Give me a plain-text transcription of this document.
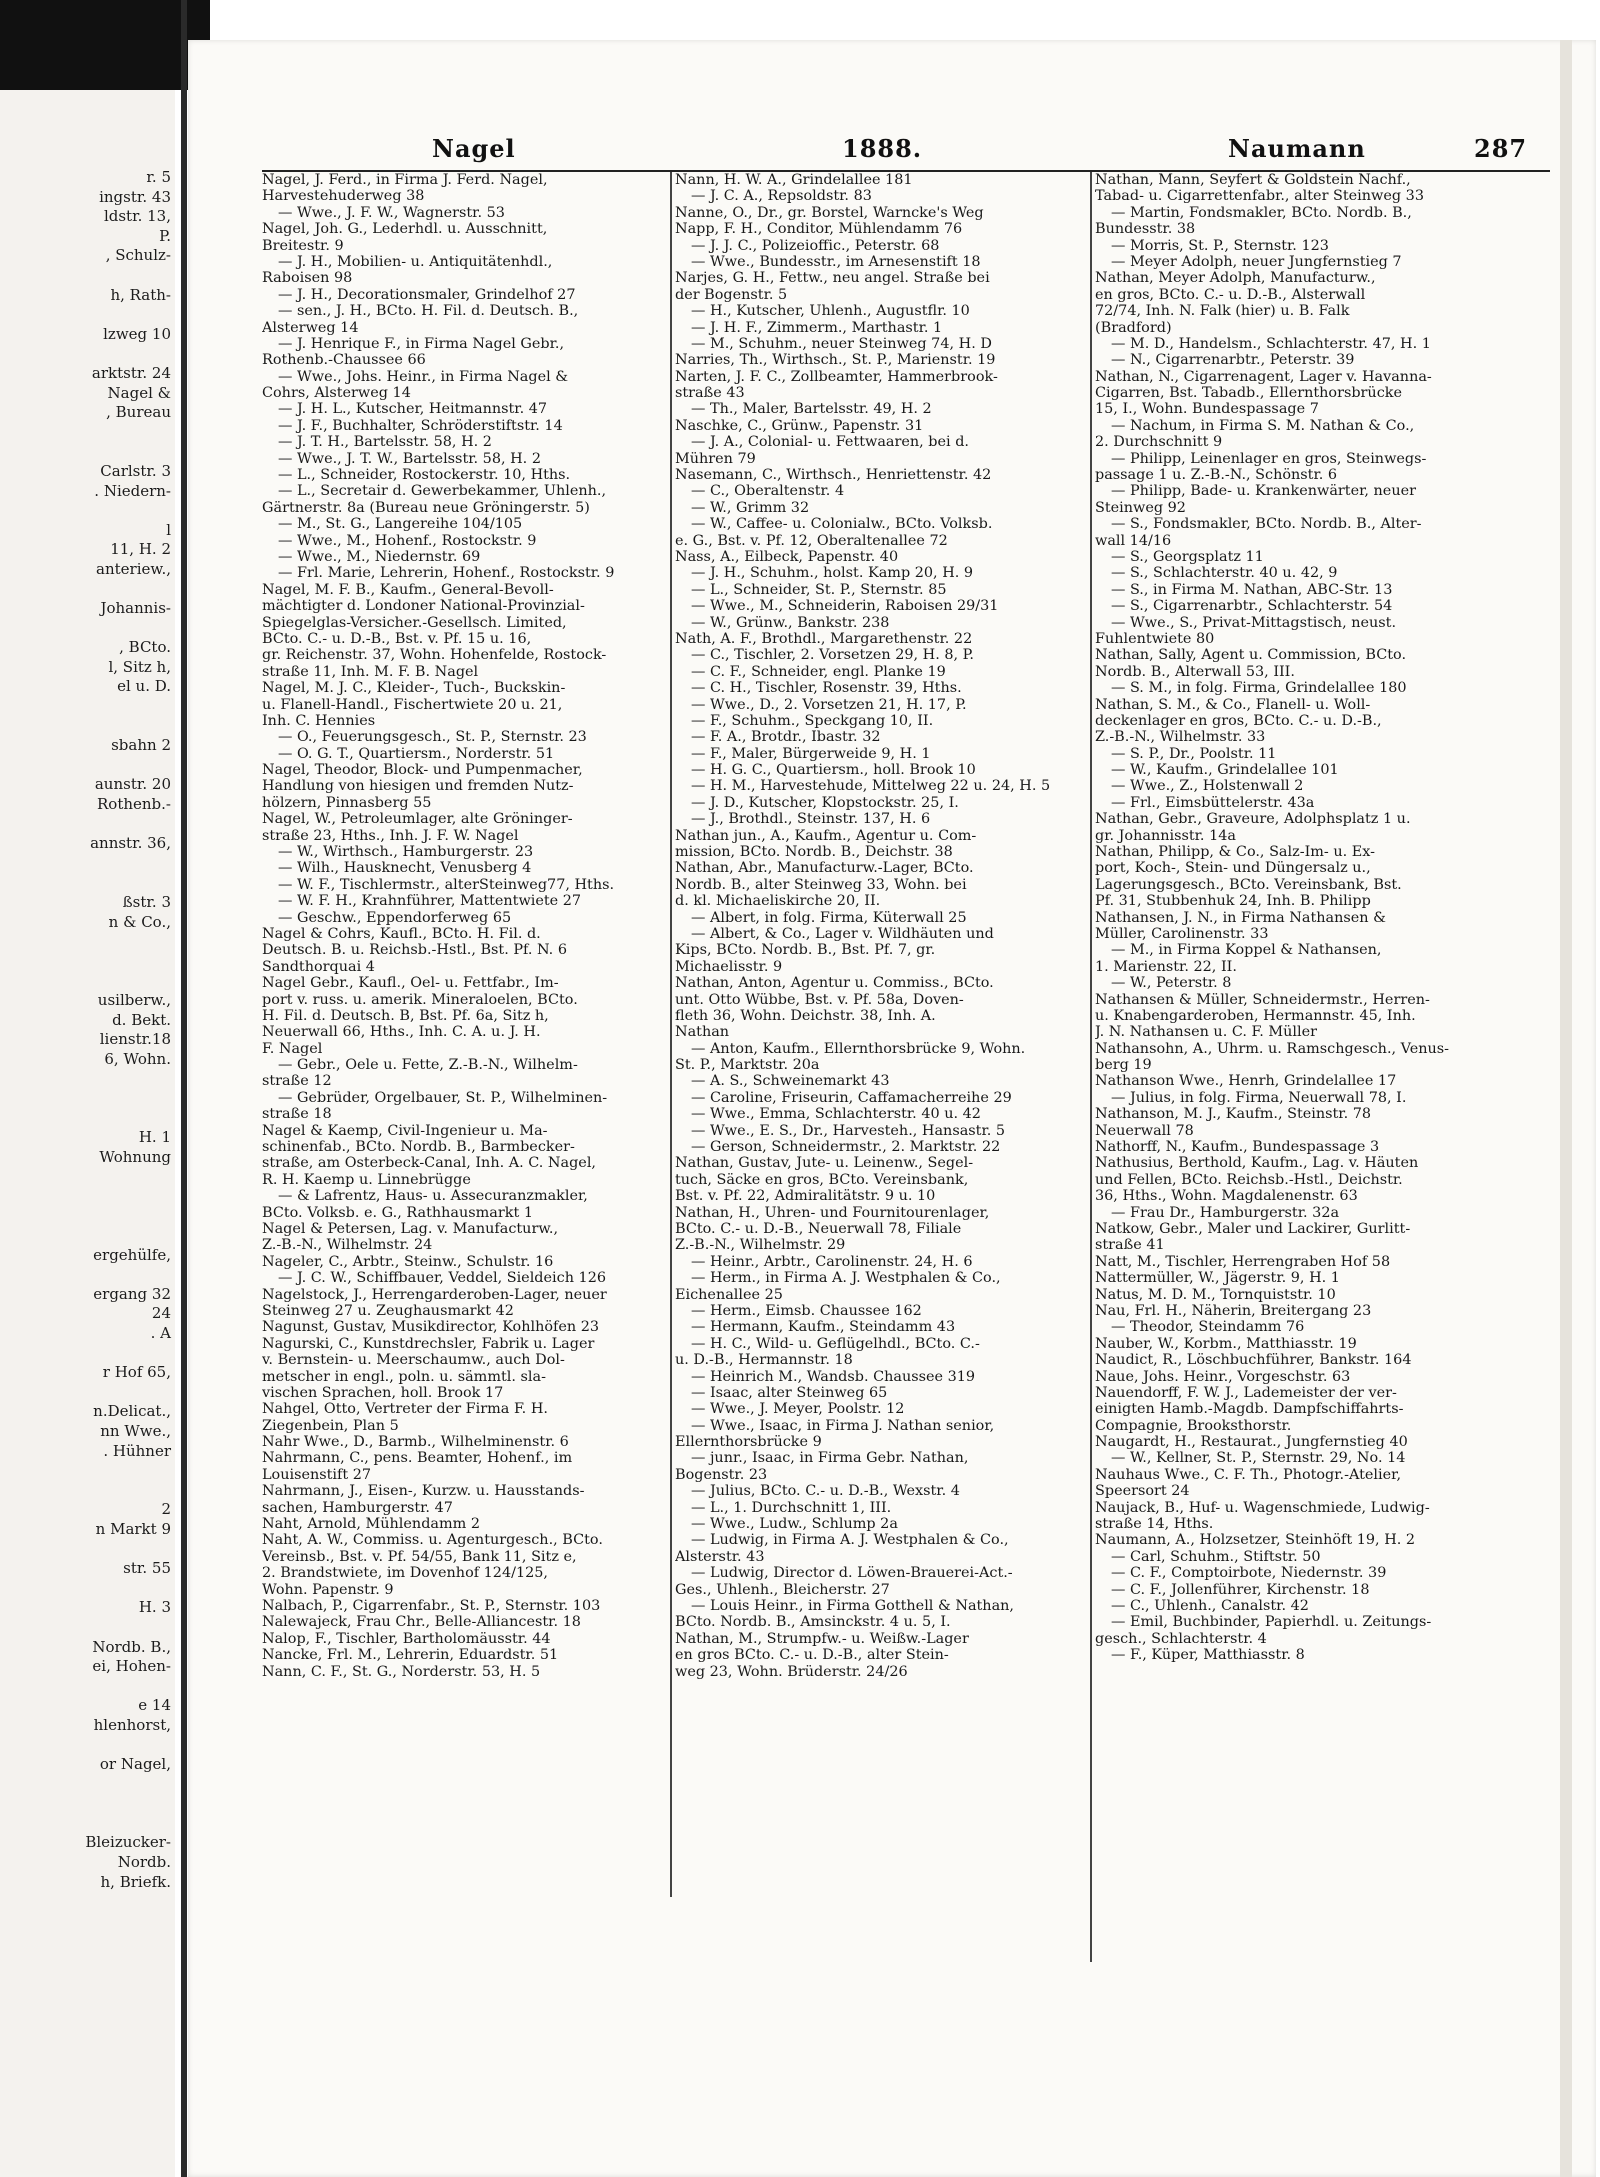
r. 5
ingstr. 43
ldstr. 13,
P.
, Schulz-
h, Rath-
lzweg 10
arktstr. 24
Nagel &
, Bureau
Carlstr. 3
. Niedern-
l
11, H. 2
anteriew.,
Johannis-
, BCto.
l, Sitz h,
el u. D.
sbahn 2
aunstr. 20
Rothenb.-
annstr. 36,
ßstr. 3
n & Co.,
usilberw.,
d. Bekt.
lienstr.18
6, Wohn.
H. 1
Wohnung
ergehülfe,
ergang 32
24
. A
r Hof 65,
n.Delicat.,
nn Wwe.,
. Hühner
2
n Markt 9
str. 55
H. 3
Nordb. B.,
ei, Hohen-
e 14
hlenhorst,
or Nagel,
Bleizucker-
Nordb.
h, Briefk.
Nagel	1888.	Naumann	287
Nagel, J. Ferd., in Firma J. Ferd. Nagel,
Harvestehuderweg 38
— Wwe., J. F. W., Wagnerstr. 53
Nagel, Joh. G., Lederhdl. u. Ausschnitt,
Breitestr. 9
— J. H., Mobilien- u. Antiquitätenhdl.,
Raboisen 98
— J. H., Decorationsmaler, Grindelhof 27
— sen., J. H., BCto. H. Fil. d. Deutsch. B.,
Alsterweg 14
— J. Henrique F., in Firma Nagel Gebr.,
Rothenb.-Chaussee 66
— Wwe., Johs. Heinr., in Firma Nagel &
Cohrs, Alsterweg 14
— J. H. L., Kutscher, Heitmannstr. 47
— J. F., Buchhalter, Schröderstiftstr. 14
— J. T. H., Bartelsstr. 58, H. 2
— Wwe., J. T. W., Bartelsstr. 58, H. 2
— L., Schneider, Rostockerstr. 10, Hths.
— L., Secretair d. Gewerbekammer, Uhlenh.,
Gärtnerstr. 8a (Bureau neue Gröningerstr. 5)
— M., St. G., Langereihe 104/105
— Wwe., M., Hohenf., Rostockstr. 9
— Wwe., M., Niedernstr. 69
— Frl. Marie, Lehrerin, Hohenf., Rostockstr. 9
Nagel, M. F. B., Kaufm., General-Bevoll-
mächtigter d. Londoner National-Provinzial-
Spiegelglas-Versicher.-Gesellsch. Limited,
BCto. C.- u. D.-B., Bst. v. Pf. 15 u. 16,
gr. Reichenstr. 37, Wohn. Hohenfelde, Rostock-
straße 11, Inh. M. F. B. Nagel
Nagel, M. J. C., Kleider-, Tuch-, Buckskin-
u. Flanell-Handl., Fischertwiete 20 u. 21,
Inh. C. Hennies
— O., Feuerungsgesch., St. P., Sternstr. 23
— O. G. T., Quartiersm., Norderstr. 51
Nagel, Theodor, Block- und Pumpenmacher,
Handlung von hiesigen und fremden Nutz-
hölzern, Pinnasberg 55
Nagel, W., Petroleumlager, alte Gröninger-
straße 23, Hths., Inh. J. F. W. Nagel
— W., Wirthsch., Hamburgerstr. 23
— Wilh., Hausknecht, Venusberg 4
— W. F., Tischlermstr., alterSteinweg77, Hths.
— W. F. H., Krahnführer, Mattentwiete 27
— Geschw., Eppendorferweg 65
Nagel & Cohrs, Kaufl., BCto. H. Fil. d.
Deutsch. B. u. Reichsb.-Hstl., Bst. Pf. N. 6
Sandthorquai 4
Nagel Gebr., Kaufl., Oel- u. Fettfabr., Im-
port v. russ. u. amerik. Mineraloelen, BCto.
H. Fil. d. Deutsch. B, Bst. Pf. 6a, Sitz h,
Neuerwall 66, Hths., Inh. C. A. u. J. H.
F. Nagel
— Gebr., Oele u. Fette, Z.-B.-N., Wilhelm-
straße 12
— Gebrüder, Orgelbauer, St. P., Wilhelminen-
straße 18
Nagel & Kaemp, Civil-Ingenieur u. Ma-
schinenfab., BCto. Nordb. B., Barmbecker-
straße, am Osterbeck-Canal, Inh. A. C. Nagel,
R. H. Kaemp u. Linnebrügge
— & Lafrentz, Haus- u. Assecuranzmakler,
BCto. Volksb. e. G., Rathhausmarkt 1
Nagel & Petersen, Lag. v. Manufacturw.,
Z.-B.-N., Wilhelmstr. 24
Nageler, C., Arbtr., Steinw., Schulstr. 16
— J. C. W., Schiffbauer, Veddel, Sieldeich 126
Nagelstock, J., Herrengarderoben-Lager, neuer
Steinweg 27 u. Zeughausmarkt 42
Nagunst, Gustav, Musikdirector, Kohlhöfen 23
Nagurski, C., Kunstdrechsler, Fabrik u. Lager
v. Bernstein- u. Meerschaumw., auch Dol-
metscher in engl., poln. u. sämmtl. sla-
vischen Sprachen, holl. Brook 17
Nahgel, Otto, Vertreter der Firma F. H.
Ziegenbein, Plan 5
Nahr Wwe., D., Barmb., Wilhelminenstr. 6
Nahrmann, C., pens. Beamter, Hohenf., im
Louisenstift 27
Nahrmann, J., Eisen-, Kurzw. u. Hausstands-
sachen, Hamburgerstr. 47
Naht, Arnold, Mühlendamm 2
Naht, A. W., Commiss. u. Agenturgesch., BCto.
Vereinsb., Bst. v. Pf. 54/55, Bank 11, Sitz e,
2. Brandstwiete, im Dovenhof 124/125,
Wohn. Papenstr. 9
Nalbach, P., Cigarrenfabr., St. P., Sternstr. 103
Nalewajeck, Frau Chr., Belle-Alliancestr. 18
Nalop, F., Tischler, Bartholomäusstr. 44
Nancke, Frl. M., Lehrerin, Eduardstr. 51
Nann, C. F., St. G., Norderstr. 53, H. 5
Nann, H. W. A., Grindelallee 181
— J. C. A., Repsoldstr. 83
Nanne, O., Dr., gr. Borstel, Warncke's Weg
Napp, F. H., Conditor, Mühlendamm 76
— J. J. C., Polizeioffic., Peterstr. 68
— Wwe., Bundesstr., im Arnesenstift 18
Narjes, G. H., Fettw., neu angel. Straße bei
der Bogenstr. 5
— H., Kutscher, Uhlenh., Augustflr. 10
— J. H. F., Zimmerm., Marthastr. 1
— M., Schuhm., neuer Steinweg 74, H. D
Narries, Th., Wirthsch., St. P., Marienstr. 19
Narten, J. F. C., Zollbeamter, Hammerbrook-
straße 43
— Th., Maler, Bartelsstr. 49, H. 2
Naschke, C., Grünw., Papenstr. 31
— J. A., Colonial- u. Fettwaaren, bei d.
Mühren 79
Nasemann, C., Wirthsch., Henriettenstr. 42
— C., Oberaltenstr. 4
— W., Grimm 32
— W., Caffee- u. Colonialw., BCto. Volksb.
e. G., Bst. v. Pf. 12, Oberaltenallee 72
Nass, A., Eilbeck, Papenstr. 40
— J. H., Schuhm., holst. Kamp 20, H. 9
— L., Schneider, St. P., Sternstr. 85
— Wwe., M., Schneiderin, Raboisen 29/31
— W., Grünw., Bankstr. 238
Nath, A. F., Brothdl., Margarethenstr. 22
— C., Tischler, 2. Vorsetzen 29, H. 8, P.
— C. F., Schneider, engl. Planke 19
— C. H., Tischler, Rosenstr. 39, Hths.
— Wwe., D., 2. Vorsetzen 21, H. 17, P.
— F., Schuhm., Speckgang 10, II.
— F. A., Brotdr., Ibastr. 32
— F., Maler, Bürgerweide 9, H. 1
— H. G. C., Quartiersm., holl. Brook 10
— H. M., Harvestehude, Mittelweg 22 u. 24, H. 5
— J. D., Kutscher, Klopstockstr. 25, I.
— J., Brothdl., Steinstr. 137, H. 6
Nathan jun., A., Kaufm., Agentur u. Com-
mission, BCto. Nordb. B., Deichstr. 38
Nathan, Abr., Manufacturw.-Lager, BCto.
Nordb. B., alter Steinweg 33, Wohn. bei
d. kl. Michaeliskirche 20, II.
— Albert, in folg. Firma, Küterwall 25
— Albert, & Co., Lager v. Wildhäuten und
Kips, BCto. Nordb. B., Bst. Pf. 7, gr.
Michaelisstr. 9
Nathan, Anton, Agentur u. Commiss., BCto.
unt. Otto Wübbe, Bst. v. Pf. 58a, Doven-
fleth 36, Wohn. Deichstr. 38, Inh. A.
Nathan
— Anton, Kaufm., Ellernthorsbrücke 9, Wohn.
St. P., Marktstr. 20a
— A. S., Schweinemarkt 43
— Caroline, Friseurin, Caffamacherreihe 29
— Wwe., Emma, Schlachterstr. 40 u. 42
— Wwe., E. S., Dr., Harvesteh., Hansastr. 5
— Gerson, Schneidermstr., 2. Marktstr. 22
Nathan, Gustav, Jute- u. Leinenw., Segel-
tuch, Säcke en gros, BCto. Vereinsbank,
Bst. v. Pf. 22, Admiralitätstr. 9 u. 10
Nathan, H., Uhren- und Fournitourenlager,
BCto. C.- u. D.-B., Neuerwall 78, Filiale
Z.-B.-N., Wilhelmstr. 29
— Heinr., Arbtr., Carolinenstr. 24, H. 6
— Herm., in Firma A. J. Westphalen & Co.,
Eichenallee 25
— Herm., Eimsb. Chaussee 162
— Hermann, Kaufm., Steindamm 43
— H. C., Wild- u. Geflügelhdl., BCto. C.-
u. D.-B., Hermannstr. 18
— Heinrich M., Wandsb. Chaussee 319
— Isaac, alter Steinweg 65
— Wwe., J. Meyer, Poolstr. 12
— Wwe., Isaac, in Firma J. Nathan senior,
Ellernthorsbrücke 9
— junr., Isaac, in Firma Gebr. Nathan,
Bogenstr. 23
— Julius, BCto. C.- u. D.-B., Wexstr. 4
— L., 1. Durchschnitt 1, III.
— Wwe., Ludw., Schlump 2a
— Ludwig, in Firma A. J. Westphalen & Co.,
Alsterstr. 43
— Ludwig, Director d. Löwen-Brauerei-Act.-
Ges., Uhlenh., Bleicherstr. 27
— Louis Heinr., in Firma Gotthell & Nathan,
BCto. Nordb. B., Amsinckstr. 4 u. 5, I.
Nathan, M., Strumpfw.- u. Weißw.-Lager
en gros BCto. C.- u. D.-B., alter Stein-
weg 23, Wohn. Brüderstr. 24/26
Nathan, Mann, Seyfert & Goldstein Nachf.,
Tabad- u. Cigarrettenfabr., alter Steinweg 33
— Martin, Fondsmakler, BCto. Nordb. B.,
Bundesstr. 38
— Morris, St. P., Sternstr. 123
— Meyer Adolph, neuer Jungfernstieg 7
Nathan, Meyer Adolph, Manufacturw.,
en gros, BCto. C.- u. D.-B., Alsterwall
72/74, Inh. N. Falk (hier) u. B. Falk
(Bradford)
— M. D., Handelsm., Schlachterstr. 47, H. 1
— N., Cigarrenarbtr., Peterstr. 39
Nathan, N., Cigarrenagent, Lager v. Havanna-
Cigarren, Bst. Tabadb., Ellernthorsbrücke
15, I., Wohn. Bundespassage 7
— Nachum, in Firma S. M. Nathan & Co.,
2. Durchschnitt 9
— Philipp, Leinenlager en gros, Steinwegs-
passage 1 u. Z.-B.-N., Schönstr. 6
— Philipp, Bade- u. Krankenwärter, neuer
Steinweg 92
— S., Fondsmakler, BCto. Nordb. B., Alter-
wall 14/16
— S., Georgsplatz 11
— S., Schlachterstr. 40 u. 42, 9
— S., in Firma M. Nathan, ABC-Str. 13
— S., Cigarrenarbtr., Schlachterstr. 54
— Wwe., S., Privat-Mittagstisch, neust.
Fuhlentwiete 80
Nathan, Sally, Agent u. Commission, BCto.
Nordb. B., Alterwall 53, III.
— S. M., in folg. Firma, Grindelallee 180
Nathan, S. M., & Co., Flanell- u. Woll-
deckenlager en gros, BCto. C.- u. D.-B.,
Z.-B.-N., Wilhelmstr. 33
— S. P., Dr., Poolstr. 11
— W., Kaufm., Grindelallee 101
— Wwe., Z., Holstenwall 2
— Frl., Eimsbüttelerstr. 43a
Nathan, Gebr., Graveure, Adolphsplatz 1 u.
gr. Johannisstr. 14a
Nathan, Philipp, & Co., Salz-Im- u. Ex-
port, Koch-, Stein- und Düngersalz u.,
Lagerungsgesch., BCto. Vereinsbank, Bst.
Pf. 31, Stubbenhuk 24, Inh. B. Philipp
Nathansen, J. N., in Firma Nathansen &
Müller, Carolinenstr. 33
— M., in Firma Koppel & Nathansen,
1. Marienstr. 22, II.
— W., Peterstr. 8
Nathansen & Müller, Schneidermstr., Herren-
u. Knabengarderoben, Hermannstr. 45, Inh.
J. N. Nathansen u. C. F. Müller
Nathansohn, A., Uhrm. u. Ramschgesch., Venus-
berg 19
Nathanson Wwe., Henrh, Grindelallee 17
— Julius, in folg. Firma, Neuerwall 78, I.
Nathanson, M. J., Kaufm., Steinstr. 78
Neuerwall 78
Nathorff, N., Kaufm., Bundespassage 3
Nathusius, Berthold, Kaufm., Lag. v. Häuten
und Fellen, BCto. Reichsb.-Hstl., Deichstr.
36, Hths., Wohn. Magdalenenstr. 63
— Frau Dr., Hamburgerstr. 32a
Natkow, Gebr., Maler und Lackirer, Gurlitt-
straße 41
Natt, M., Tischler, Herrengraben Hof 58
Nattermüller, W., Jägerstr. 9, H. 1
Natus, M. D. M., Tornquiststr. 10
Nau, Frl. H., Näherin, Breitergang 23
— Theodor, Steindamm 76
Nauber, W., Korbm., Matthiasstr. 19
Naudict, R., Löschbuchführer, Bankstr. 164
Naue, Johs. Heinr., Vorgeschstr. 63
Nauendorff, F. W. J., Lademeister der ver-
einigten Hamb.-Magdb. Dampfschiffahrts-
Compagnie, Brooksthorstr.
Naugardt, H., Restaurat., Jungfernstieg 40
— W., Kellner, St. P., Sternstr. 29, No. 14
Nauhaus Wwe., C. F. Th., Photogr.-Atelier,
Speersort 24
Naujack, B., Huf- u. Wagenschmiede, Ludwig-
straße 14, Hths.
Naumann, A., Holzsetzer, Steinhöft 19, H. 2
— Carl, Schuhm., Stiftstr. 50
— C. F., Comptoirbote, Niedernstr. 39
— C. F., Jollenführer, Kirchenstr. 18
— C., Uhlenh., Canalstr. 42
— Emil, Buchbinder, Papierhdl. u. Zeitungs-
gesch., Schlachterstr. 4
— F., Küper, Matthiasstr. 8
